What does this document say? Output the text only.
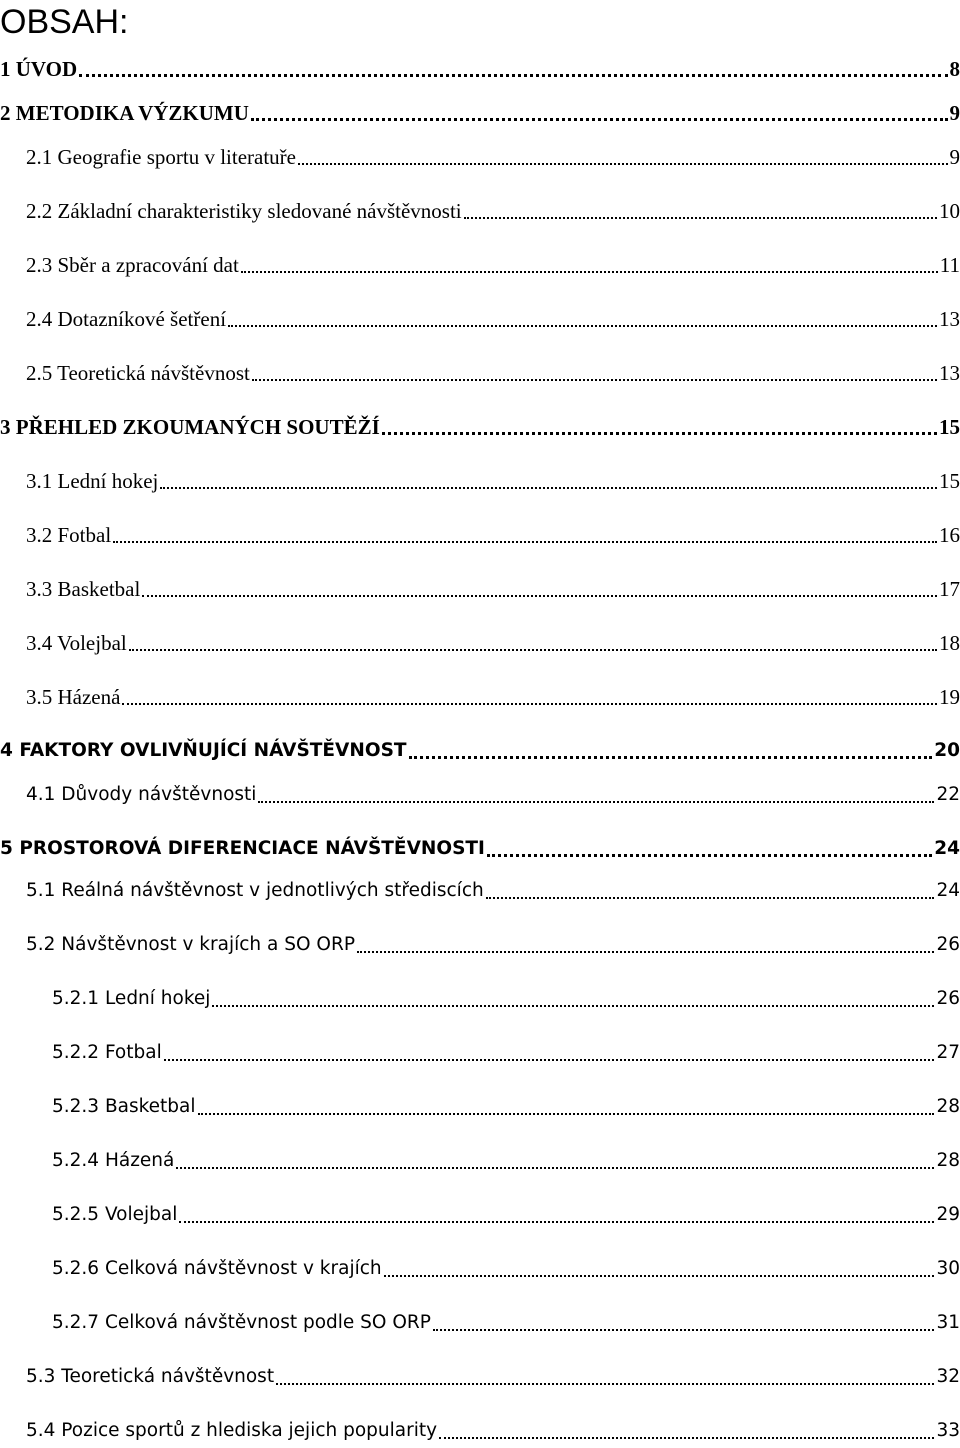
OBSAH:
1 ÚVOD	8
2 METODIKA VÝZKUMU	9
2.1 Geografie sportu v literatuře	9
2.2 Základní charakteristiky sledované návštěvnosti	10
2.3 Sběr a zpracování dat	11
2.4 Dotazníkové šetření	13
2.5 Teoretická návštěvnost	13
3 PŘEHLED ZKOUMANÝCH SOUTĚŽÍ	15
3.1 Lední hokej	15
3.2 Fotbal	16
3.3 Basketbal	17
3.4 Volejbal	18
3.5 Házená	19
4 FAKTORY OVLIVŇUJÍCÍ NÁVŠTĚVNOST	20
4.1 Důvody návštěvnosti	22
5 PROSTOROVÁ DIFERENCIACE NÁVŠTĚVNOSTI	24
5.1 Reálná návštěvnost v jednotlivých střediscích	24
5.2 Návštěvnost v krajích a SO ORP	26
5.2.1 Lední hokej	26
5.2.2 Fotbal	27
5.2.3 Basketbal	28
5.2.4 Házená	28
5.2.5 Volejbal	29
5.2.6 Celková návštěvnost v krajích	30
5.2.7 Celková návštěvnost podle SO ORP	31
5.3 Teoretická návštěvnost	32
5.4 Pozice sportů z hlediska jejich popularity	33
